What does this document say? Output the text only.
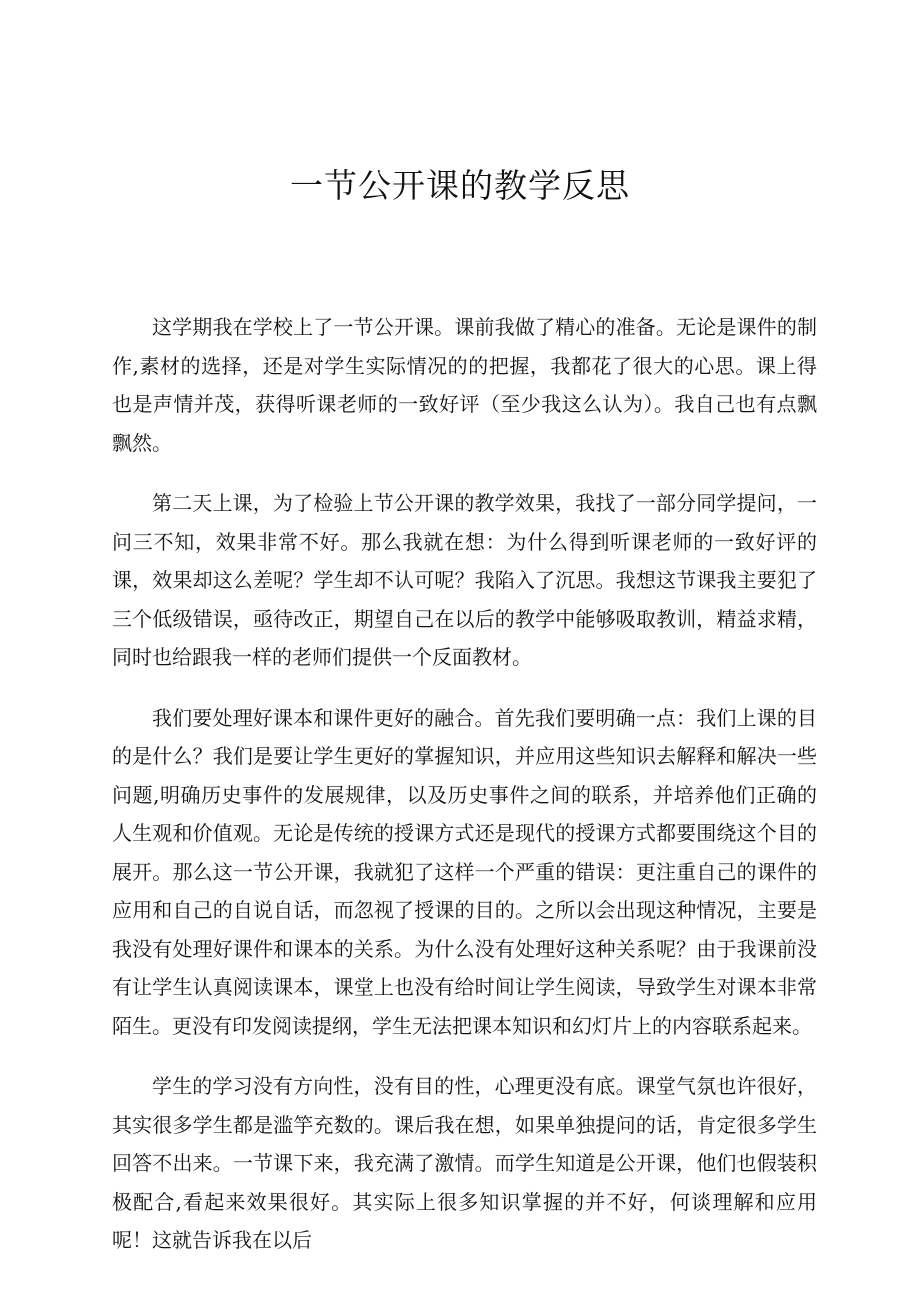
一节公开课的教学反思

这学期我在学校上了一节公开课。课前我做了精心的准备。无论是课件的制作,素材的选择，还是对学生实际情况的的把握，我都花了很大的心思。课上得也是声情并茂，获得听课老师的一致好评（至少我这么认为）。我自己也有点飘飘然。

第二天上课，为了检验上节公开课的教学效果，我找了一部分同学提问，一问三不知，效果非常不好。那么我就在想：为什么得到听课老师的一致好评的课，效果却这么差呢？学生却不认可呢？我陷入了沉思。我想这节课我主要犯了三个低级错误，亟待改正，期望自己在以后的教学中能够吸取教训，精益求精，同时也给跟我一样的老师们提供一个反面教材。

我们要处理好课本和课件更好的融合。首先我们要明确一点：我们上课的目的是什么？我们是要让学生更好的掌握知识，并应用这些知识去解释和解决一些问题,明确历史事件的发展规律，以及历史事件之间的联系，并培养他们正确的人生观和价值观。无论是传统的授课方式还是现代的授课方式都要围绕这个目的展开。那么这一节公开课，我就犯了这样一个严重的错误：更注重自己的课件的应用和自己的自说自话，而忽视了授课的目的。之所以会出现这种情况，主要是我没有处理好课件和课本的关系。为什么没有处理好这种关系呢？由于我课前没有让学生认真阅读课本，课堂上也没有给时间让学生阅读，导致学生对课本非常陌生。更没有印发阅读提纲，学生无法把课本知识和幻灯片上的内容联系起来。

学生的学习没有方向性，没有目的性，心理更没有底。课堂气氛也许很好，其实很多学生都是滥竽充数的。课后我在想，如果单独提问的话，肯定很多学生回答不出来。一节课下来，我充满了激情。而学生知道是公开课，他们也假装积极配合,看起来效果很好。其实际上很多知识掌握的并不好，何谈理解和应用呢！这就告诉我在以后
